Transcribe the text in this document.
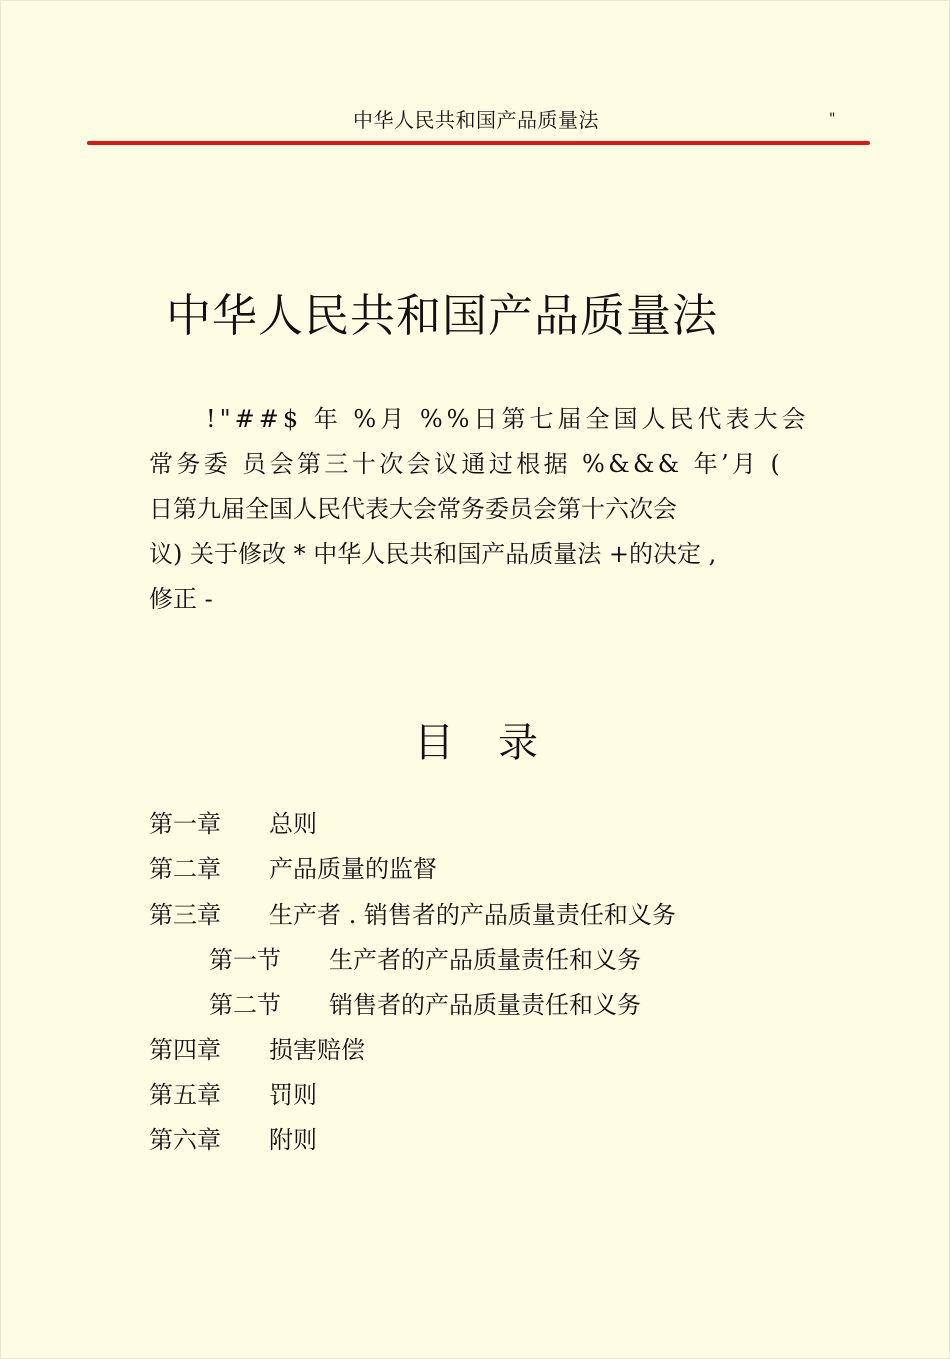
中华人民共和国产品质量法	"
中华人民共和国产品质量法
!"##$ 年 %月 %%日第七届全国人民代表大会
常务委 员会第三十次会议通过根据 %&&& 年’月 (
日第九届全国人民代表大会常务委员会第十六次会
议) 关于修改 * 中华人民共和国产品质量法 +的决定 ,
修正 -
目录
第一章 总则
第二章 产品质量的监督
第三章 生产者 . 销售者的产品质量责任和义务
第一节 生产者的产品质量责任和义务
第二节 销售者的产品质量责任和义务
第四章 损害赔偿
第五章 罚则
第六章 附则
